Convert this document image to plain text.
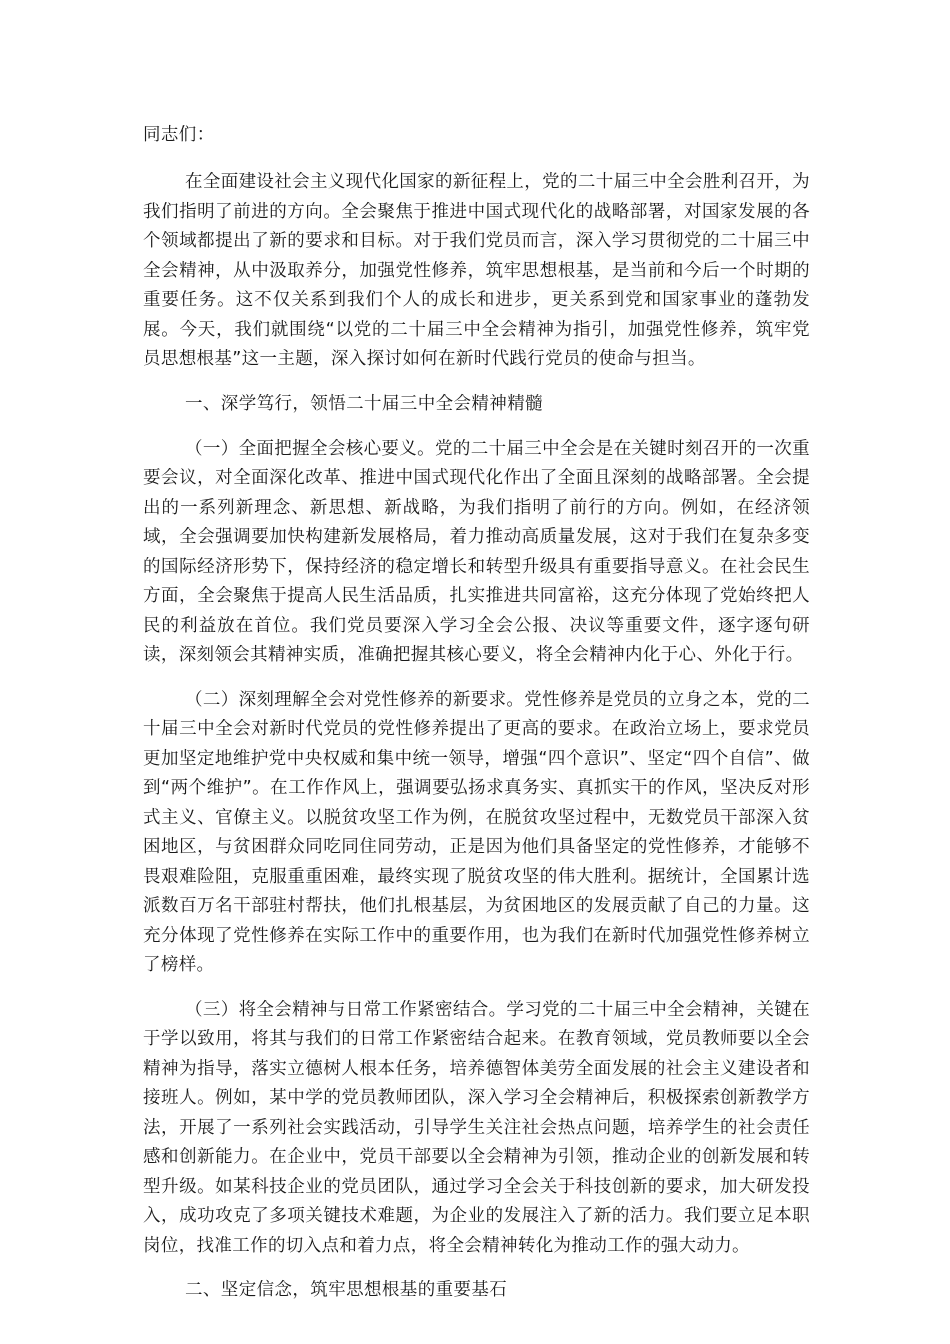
同志们：

在全面建设社会主义现代化国家的新征程上，党的二十届三中全会胜利召开，为我们指明了前进的方向。全会聚焦于推进中国式现代化的战略部署，对国家发展的各个领域都提出了新的要求和目标。对于我们党员而言，深入学习贯彻党的二十届三中全会精神，从中汲取养分，加强党性修养，筑牢思想根基，是当前和今后一个时期的重要任务。这不仅关系到我们个人的成长和进步，更关系到党和国家事业的蓬勃发展。今天，我们就围绕“以党的二十届三中全会精神为指引，加强党性修养，筑牢党员思想根基”这一主题，深入探讨如何在新时代践行党员的使命与担当。

一、深学笃行，领悟二十届三中全会精神精髓

（一）全面把握全会核心要义。党的二十届三中全会是在关键时刻召开的一次重要会议，对全面深化改革、推进中国式现代化作出了全面且深刻的战略部署。全会提出的一系列新理念、新思想、新战略，为我们指明了前行的方向。例如，在经济领域，全会强调要加快构建新发展格局，着力推动高质量发展，这对于我们在复杂多变的国际经济形势下，保持经济的稳定增长和转型升级具有重要指导意义。在社会民生方面，全会聚焦于提高人民生活品质，扎实推进共同富裕，这充分体现了党始终把人民的利益放在首位。我们党员要深入学习全会公报、决议等重要文件，逐字逐句研读，深刻领会其精神实质，准确把握其核心要义，将全会精神内化于心、外化于行。

（二）深刻理解全会对党性修养的新要求。党性修养是党员的立身之本，党的二十届三中全会对新时代党员的党性修养提出了更高的要求。在政治立场上，要求党员更加坚定地维护党中央权威和集中统一领导，增强“四个意识”、坚定“四个自信”、做到“两个维护”。在工作作风上，强调要弘扬求真务实、真抓实干的作风，坚决反对形式主义、官僚主义。以脱贫攻坚工作为例，在脱贫攻坚过程中，无数党员干部深入贫困地区，与贫困群众同吃同住同劳动，正是因为他们具备坚定的党性修养，才能够不畏艰难险阻，克服重重困难，最终实现了脱贫攻坚的伟大胜利。据统计，全国累计选派数百万名干部驻村帮扶，他们扎根基层，为贫困地区的发展贡献了自己的力量。这充分体现了党性修养在实际工作中的重要作用，也为我们在新时代加强党性修养树立了榜样。

（三）将全会精神与日常工作紧密结合。学习党的二十届三中全会精神，关键在于学以致用，将其与我们的日常工作紧密结合起来。在教育领域，党员教师要以全会精神为指导，落实立德树人根本任务，培养德智体美劳全面发展的社会主义建设者和接班人。例如，某中学的党员教师团队，深入学习全会精神后，积极探索创新教学方法，开展了一系列社会实践活动，引导学生关注社会热点问题，培养学生的社会责任感和创新能力。在企业中，党员干部要以全会精神为引领，推动企业的创新发展和转型升级。如某科技企业的党员团队，通过学习全会关于科技创新的要求，加大研发投入，成功攻克了多项关键技术难题，为企业的发展注入了新的活力。我们要立足本职岗位，找准工作的切入点和着力点，将全会精神转化为推动工作的强大动力。

二、坚定信念，筑牢思想根基的重要基石
